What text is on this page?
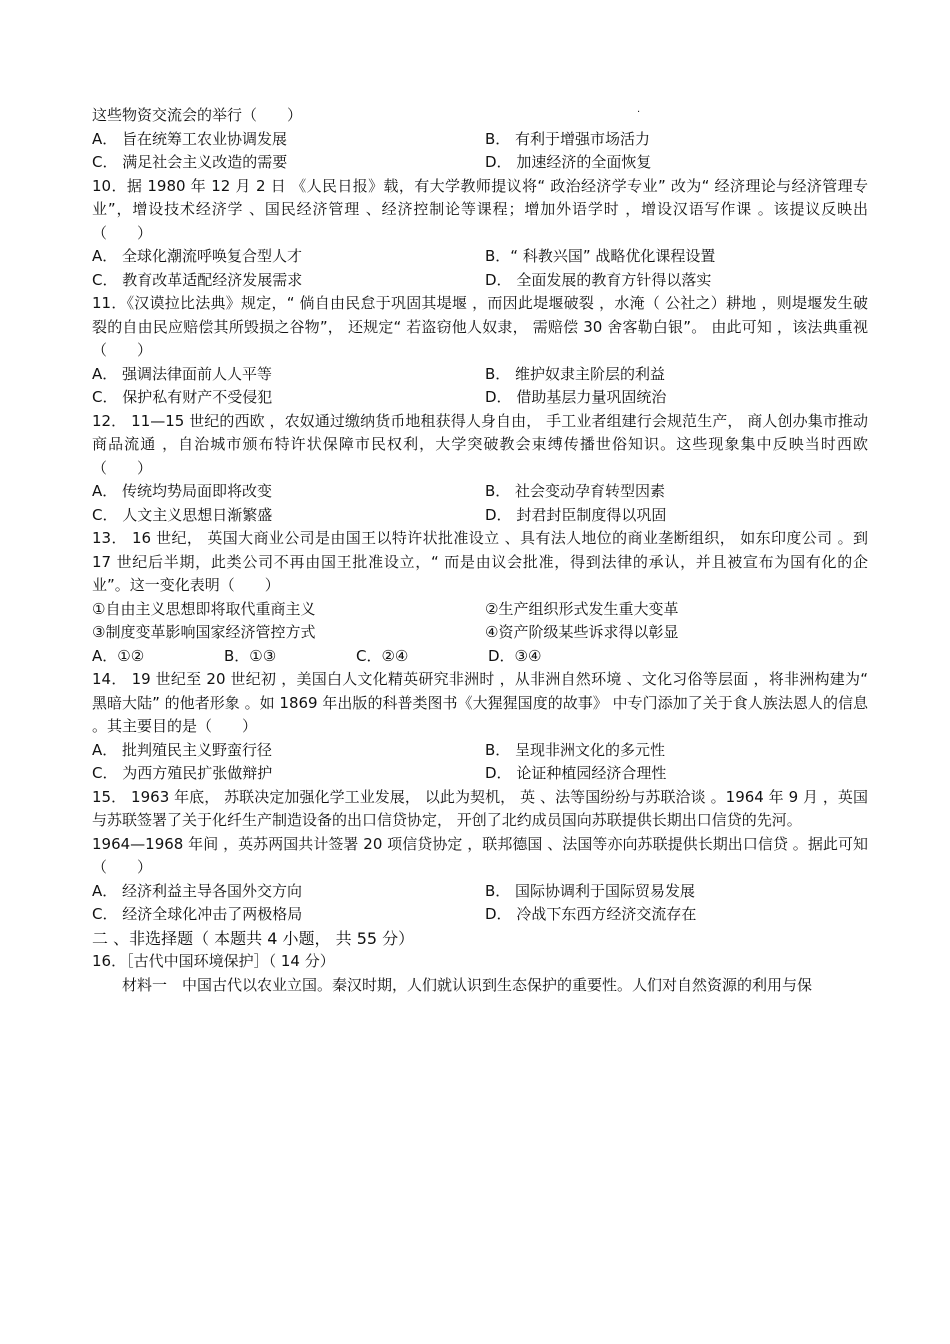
.
这些物资交流会的举行（　　）
A． 旨在统筹工农业协调发展	B． 有利于增强市场活力
C． 满足社会主义改造的需要	D． 加速经济的全面恢复

10．据 1980 年 12 月 2 日 《人民日报》载，有大学教师提议将“ 政治经济学专业” 改为“ 经济理论与经济管理专业”，增设技术经济学 、国民经济管理 、经济控制论等课程；增加外语学时 ，增设汉语写作课 。该提议反映出（　　）

A． 全球化潮流呼唤复合型人才	B．“ 科教兴国” 战略优化课程设置
C． 教育改革适配经济发展需求	D． 全面发展的教育方针得以落实

11．《汉谟拉比法典》规定，“ 倘自由民怠于巩固其堤堰 ，而因此堤堰破裂 ，水淹（ 公社之）耕地 ，则堤堰发生破裂的自由民应赔偿其所毁损之谷物”， 还规定“ 若盗窃他人奴隶， 需赔偿 30 舍客勒白银”。 由此可知 ，该法典重视（　　）

A． 强调法律面前人人平等	B． 维护奴隶主阶层的利益
C． 保护私有财产不受侵犯	D． 借助基层力量巩固统治

12． 11—15 世纪的西欧 ，农奴通过缴纳货币地租获得人身自由， 手工业者组建行会规范生产， 商人创办集市推动商品流通 ，自治城市颁布特许状保障市民权利，大学突破教会束缚传播世俗知识。这些现象集中反映当时西欧（　　）

A． 传统均势局面即将改变	B． 社会变动孕育转型因素
C． 人文主义思想日渐繁盛	D． 封君封臣制度得以巩固

13． 16 世纪， 英国大商业公司是由国王以特许状批准设立 、具有法人地位的商业垄断组织， 如东印度公司 。到 17 世纪后半期，此类公司不再由国王批准设立，“ 而是由议会批准，得到法律的承认，并且被宣布为国有化的企业”。这一变化表明（　　）

①自由主义思想即将取代重商主义	②生产组织形式发生重大变革
③制度变革影响国家经济管控方式	④资产阶级某些诉求得以彰显
A．①②	B．①③	C．②④	D．③④

14． 19 世纪至 20 世纪初 ，美国白人文化精英研究非洲时 ，从非洲自然环境 、文化习俗等层面 ，将非洲构建为“ 黑暗大陆” 的他者形象 。如 1869 年出版的科普类图书《大猩猩国度的故事》 中专门添加了关于食人族法恩人的信息 。其主要目的是（　　）

A． 批判殖民主义野蛮行径	B． 呈现非洲文化的多元性
C． 为西方殖民扩张做辩护	D． 论证种植园经济合理性

15． 1963 年底， 苏联决定加强化学工业发展， 以此为契机， 英 、法等国纷纷与苏联洽谈 。1964 年 9 月 ，英国与苏联签署了关于化纤生产制造设备的出口信贷协定， 开创了北约成员国向苏联提供长期出口信贷的先河。

1964—1968 年间 ，英苏两国共计签署 20 项信贷协定 ，联邦德国 、法国等亦向苏联提供长期出口信贷 。据此可知（　　）

A． 经济利益主导各国外交方向	B． 国际协调利于国际贸易发展
C． 经济全球化冲击了两极格局	D． 冷战下东西方经济交流存在
二 、非选择题（ 本题共 4 小题， 共 55 分）
16．［古代中国环境保护］（ 14 分）
材料一　中国古代以农业立国。秦汉时期，人们就认识到生态保护的重要性。人们对自然资源的利用与保
